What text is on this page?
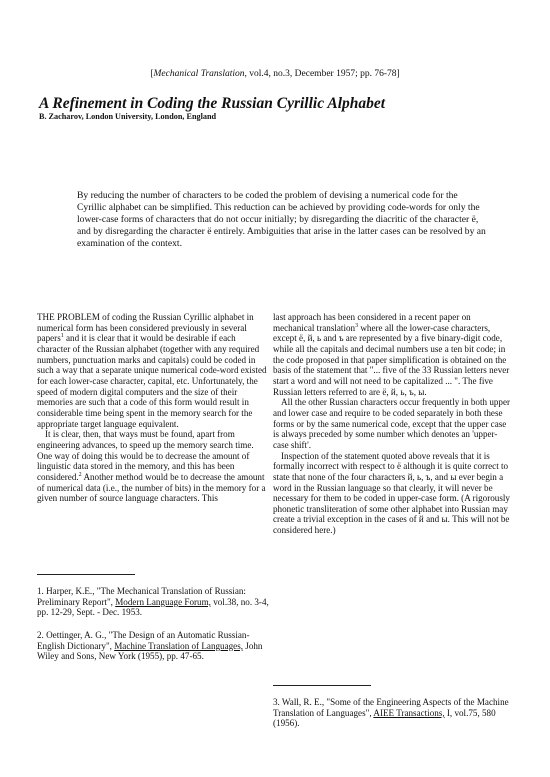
[Mechanical Translation, vol.4, no.3, December 1957; pp. 76-78]
A Refinement in Coding the Russian Cyrillic Alphabet
B. Zacharov, London University, London, England
By reducing the number of characters to be coded the problem of devising a numerical code for the Cyrillic alphabet can be simplified. This reduction can be achieved by providing code-words for only the lower-case forms of characters that do not occur initially; by disregarding the diacritic of the character ё, and by disregarding the character ё entirely. Ambiguities that arise in the latter cases can be resolved by an examination of the context.

THE PROBLEM of coding the Russian Cyrillic alphabet in numerical form has been considered previously in several papers$^1$ and it is clear that it would be desirable if each character of the Russian alphabet (together with any required numbers, punctuation marks and capitals) could be coded in such a way that a separate unique numerical code-word existed for each lower-case character, capital, etc. Unfortunately, the speed of modern digital computers and the size of their memories are such that a code of this form would result in considerable time being spent in the memory search for the appropriate target language equivalent.

It is clear, then, that ways must be found, apart from engineering advances, to speed up the memory search time. One way of doing this would be to decrease the amount of linguistic data stored in the memory, and this has been considered.$^2$ Another method would be to decrease the amount of numerical data (i.e., the number of bits) in the memory for a given number of source language characters. This

last approach has been considered in a recent paper on mechanical translation$^3$ where all the lower-case characters, except ё, й, ь and ъ are represented by a five binary-digit code, while all the capitals and decimal numbers use a ten bit code; in the code proposed in that paper simplification is obtained on the basis of the statement that "... five of the 33 Russian letters never start a word and will not need to be capitalized ... ". The five Russian letters referred to are ё, й, ь, ъ, ы.

All the other Russian characters occur frequently in both upper and lower case and require to be coded separately in both these forms or by the same numerical code, except that the upper case is always preceded by some number which denotes an 'upper-case shift'.

Inspection of the statement quoted above reveals that it is formally incorrect with respect to ё although it is quite correct to state that none of the four characters й, ь, ъ, and ы ever begin a word in the Russian language so that clearly, it will never be necessary for them to be coded in upper-case form. (A rigorously phonetic transliteration of some other alphabet into Russian may create a trivial exception in the cases of й and ы. This will not be considered here.)

1. Harper, K.E., "The Mechanical Translation of Russian: Preliminary Report", Modern Language Forum, vol.38, no. 3-4, pp. 12-29, Sept. - Dec. 1953.
2. Oettinger, A. G., "The Design of an Automatic Russian-English Dictionary", Machine Translation of Languages, John Wiley and Sons, New York (1955), pp. 47-65.
3. Wall, R. E., "Some of the Engineering Aspects of the Machine Translation of Languages", AIEE Transactions, I, vol.75, 580 (1956).
